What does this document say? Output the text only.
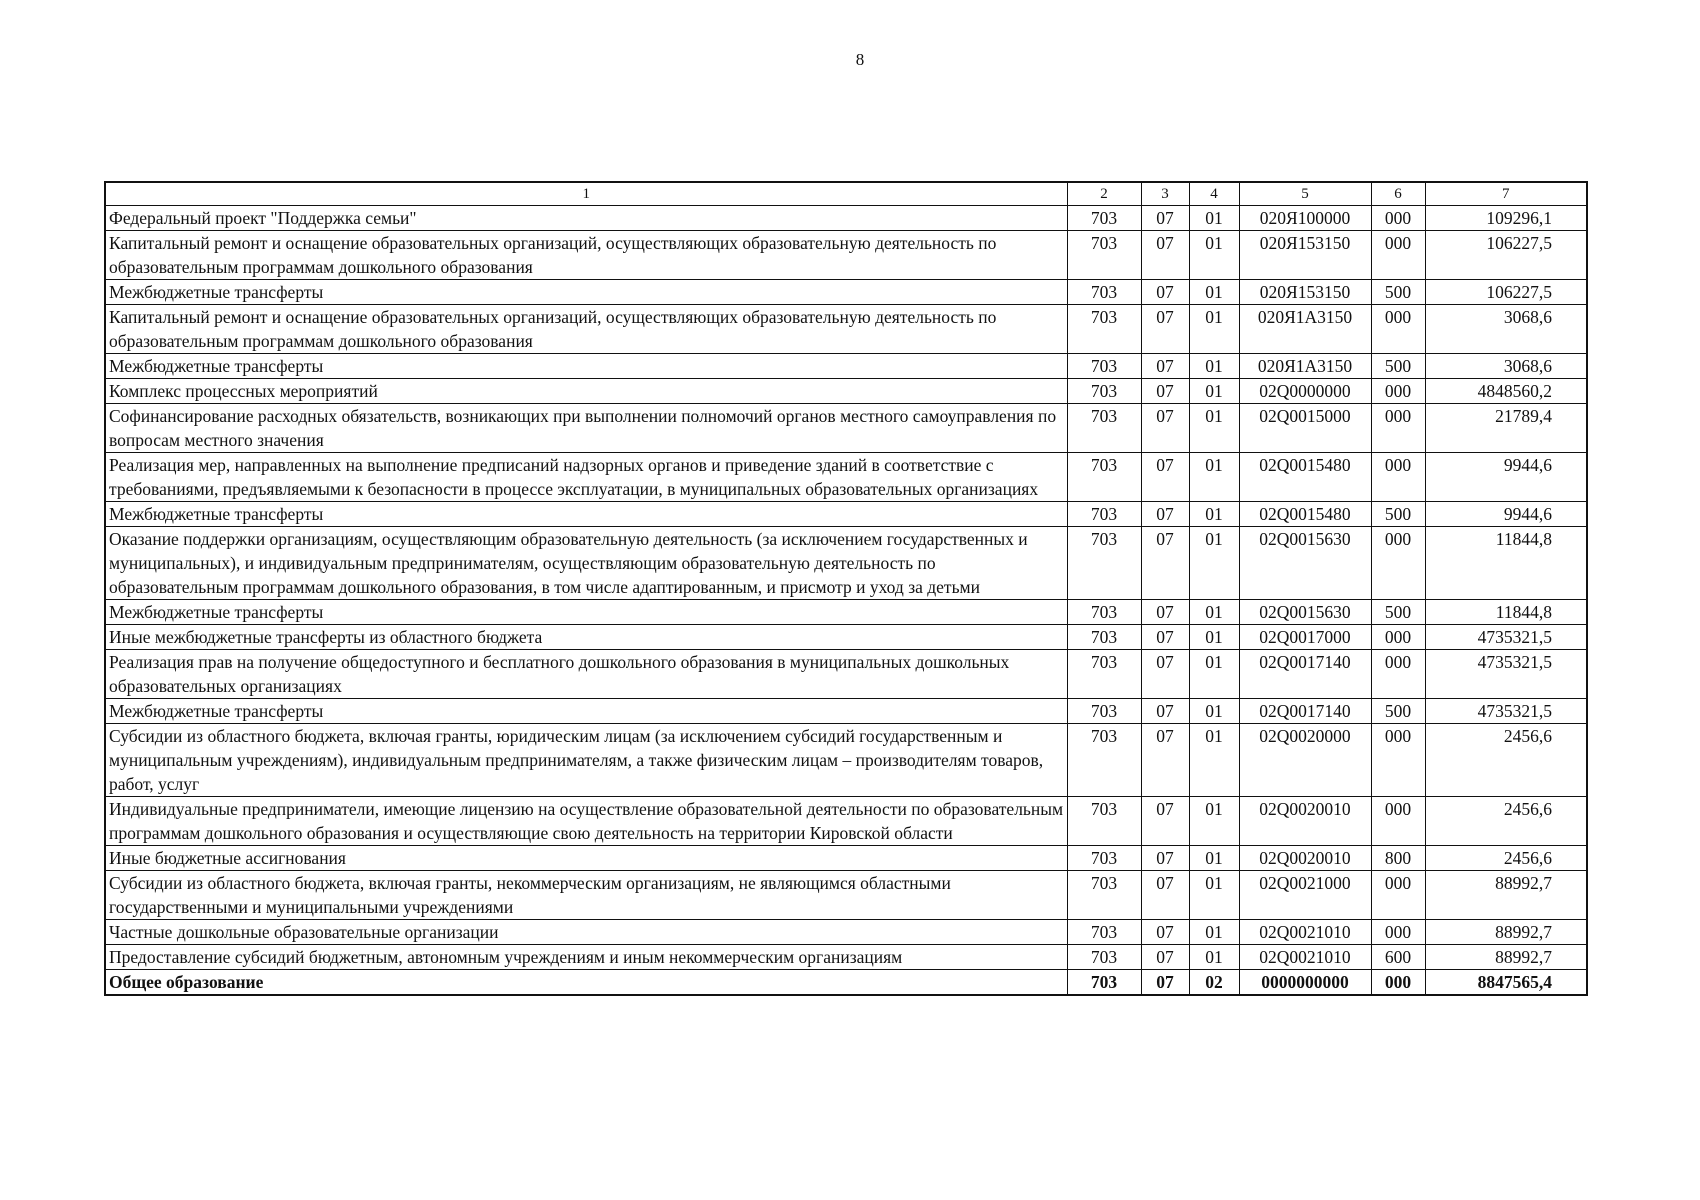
8
1	2	3	4	5	6	7
Федеральный проект "Поддержка семьи"	703	07	01	020Я100000	000	109296,1
Капитальный ремонт и оснащение образовательных организаций, осуществляющих образовательную деятельность по образовательным программам дошкольного образования	703	07	01	020Я153150	000	106227,5
Межбюджетные трансферты	703	07	01	020Я153150	500	106227,5
Капитальный ремонт и оснащение образовательных организаций, осуществляющих образовательную деятельность по образовательным программам дошкольного образования	703	07	01	020Я1А3150	000	3068,6
Межбюджетные трансферты	703	07	01	020Я1А3150	500	3068,6
Комплекс процессных мероприятий	703	07	01	02Q0000000	000	4848560,2
Софинансирование расходных обязательств, возникающих при выполнении полномочий органов местного самоуправления по вопросам местного значения	703	07	01	02Q0015000	000	21789,4
Реализация мер, направленных на выполнение предписаний надзорных органов и приведение зданий в соответствие с требованиями, предъявляемыми к безопасности в процессе эксплуатации, в муниципальных образовательных организациях	703	07	01	02Q0015480	000	9944,6
Межбюджетные трансферты	703	07	01	02Q0015480	500	9944,6
Оказание поддержки организациям, осуществляющим образовательную деятельность (за исключением государственных и муниципальных), и индивидуальным предпринимателям, осуществляющим образовательную деятельность по образовательным программам дошкольного образования, в том числе адаптированным, и присмотр и уход за детьми	703	07	01	02Q0015630	000	11844,8
Межбюджетные трансферты	703	07	01	02Q0015630	500	11844,8
Иные межбюджетные трансферты из областного бюджета	703	07	01	02Q0017000	000	4735321,5
Реализация прав на получение общедоступного и бесплатного дошкольного образования в муниципальных дошкольных образовательных организациях	703	07	01	02Q0017140	000	4735321,5
Межбюджетные трансферты	703	07	01	02Q0017140	500	4735321,5
Субсидии из областного бюджета, включая гранты, юридическим лицам (за исключением субсидий государственным и муниципальным учреждениям), индивидуальным предпринимателям, а также физическим лицам – производителям товаров, работ, услуг	703	07	01	02Q0020000	000	2456,6
Индивидуальные предприниматели, имеющие лицензию на осуществление образовательной деятельности по образовательным программам дошкольного образования и осуществляющие свою деятельность на территории Кировской области	703	07	01	02Q0020010	000	2456,6
Иные бюджетные ассигнования	703	07	01	02Q0020010	800	2456,6
Субсидии из областного бюджета, включая гранты, некоммерческим организациям, не являющимся областными государственными и муниципальными учреждениями	703	07	01	02Q0021000	000	88992,7
Частные дошкольные образовательные организации	703	07	01	02Q0021010	000	88992,7
Предоставление субсидий бюджетным, автономным учреждениям и иным некоммерческим организациям	703	07	01	02Q0021010	600	88992,7
Общее образование	703	07	02	0000000000	000	8847565,4
